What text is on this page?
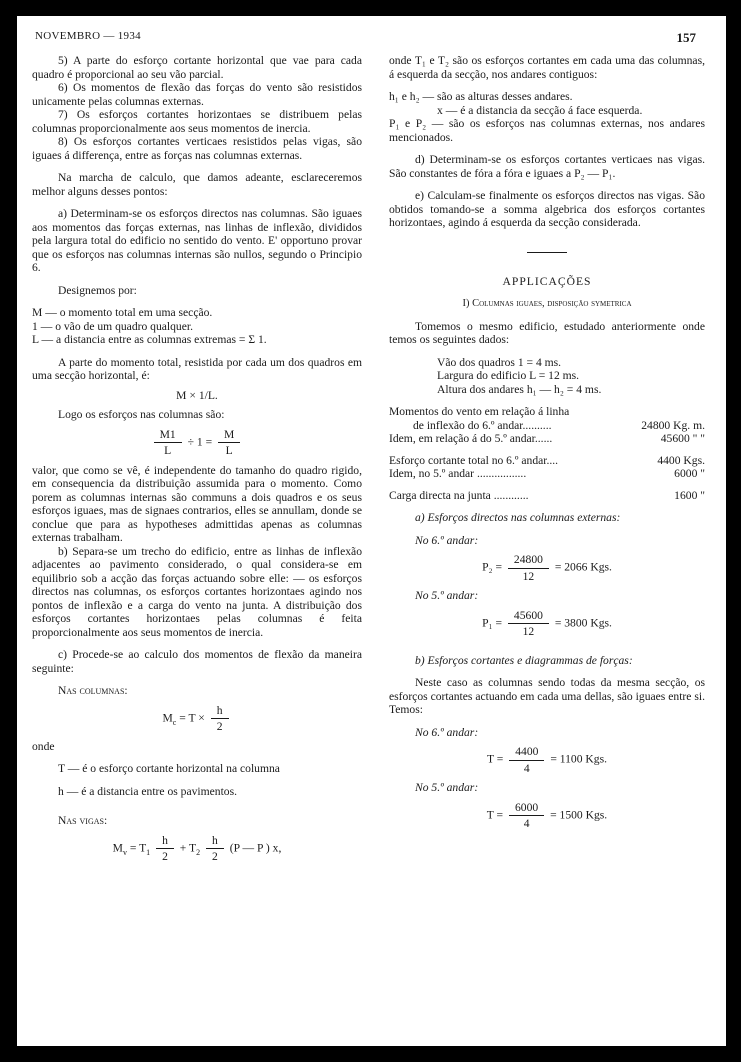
NOVEMBRO — 1934	157

5) A parte do esforço cortante horizontal que vae para cada quadro é proporcional ao seu vão parcial.

6) Os momentos de flexão das forças do vento são resistidos unicamente pelas columnas externas.

7) Os esforços cortantes horizontaes se distribuem pelas columnas proporcionalmente aos seus momentos de inercia.

8) Os esforços cortantes verticaes resistidos pelas vigas, são iguaes á differença, entre as forças nas columnas externas.

Na marcha de calculo, que damos adeante, esclareceremos melhor alguns desses pontos:

a) Determinam-se os esforços directos nas columnas. São iguaes aos momentos das forças externas, nas linhas de inflexão, divididos pela largura total do edificio no sentido do vento. E' opportuno provar que os esforços nas columnas internas são nullos, segundo o Principio 6.

Designemos por:

M — o momento total em uma secção.

1 — o vão de um quadro qualquer.

L — a distancia entre as columnas extremas = Σ 1.

A parte do momento total, resistida por cada um dos quadros em uma secção horizontal, é:

M × 1/L.

Logo os esforços nas columnas são:

$\frac{M1}{L} \div 1 = \frac{M}{L}$

valor, que como se vê, é independente do tamanho do quadro rigido, em consequencia da distribuição assumida para o momento. Como porem as columnas internas são communs a dois quadros e os seus esforços iguaes, mas de signaes contrarios, elles se annullam, donde se conclue que para as hypotheses admittidas apenas as columnas externas trabalham.

b) Separa-se um trecho do edificio, entre as linhas de inflexão adjacentes ao pavimento considerado, o qual considera-se em equilibrio sob a acção das forças actuando sobre elle: — os esforços directos nas columnas, os esforços cortantes horizontaes agindo nos pontos de inflexão e a carga do vento na junta. A distribuição dos esforços cortantes horizontaes pelas columnas é feita proporcionalmente aos seus momentos de inercia.

c) Procede-se ao calculo dos momentos de flexão da maneira seguinte:

Nas columnas:

$M_c = T \times \frac{h}{2}$

onde

T — é o esforço cortante horizontal na columna

h — é a distancia entre os pavimentos.

Nas vigas:

$M_v = T_1 \frac{h}{2} + T_2 \frac{h}{2} (P$ — P ) x,

onde T₁ e T₂ são os esforços cortantes em cada uma das columnas, á esquerda da secção, nos andares contiguos:

h₁ e h₂ — são as alturas desses andares.

x — é a distancia da secção á face esquerda.

P₁ e P₂ — são os esforços nas columnas externas, nos andares mencionados.

d) Determinam-se os esforços cortantes verticaes nas vigas. São constantes de fóra a fóra e iguaes a P₂ — P₁.

e) Calculam-se finalmente os esforços directos nas vigas. São obtidos tomando-se a somma algebrica dos esforços cortantes horizontaes, agindo á esquerda da secção considerada.

APPLICAÇÕES

I) Columnas iguaes, disposição symetrica

Tomemos o mesmo edificio, estudado anteriormente onde temos os seguintes dados:

Vão dos quadros 1 = 4 ms.

Largura do edificio L = 12 ms.

Altura dos andares h₁ — h₂ = 4 ms.

Momentos do vento em relação á linha
de inflexão do 6.º andar..........	24800 Kg. m.
Idem, em relação á do 5.º andar......	45600 " "
Esforço cortante total no 6.º andar....	4400 Kgs.
Idem, no 5.º andar .................	6000 "
Carga directa na junta ............	1600 "

a) Esforços directos nas columnas externas:

No 6.º andar:

$P_2 = \frac{24800}{12} = 2066$ Kgs.

No 5.º andar:

$P_1 = \frac{45600}{12} = 3800$ Kgs.

b) Esforços cortantes e diagrammas de forças:

Neste caso as columnas sendo todas da mesma secção, os esforços cortantes actuando em cada uma dellas, são iguaes entre si. Temos:

No 6.º andar:

$T = \frac{4400}{4} = 1100$ Kgs.

No 5.º andar:

$T = \frac{6000}{4} = 1500$ Kgs.
